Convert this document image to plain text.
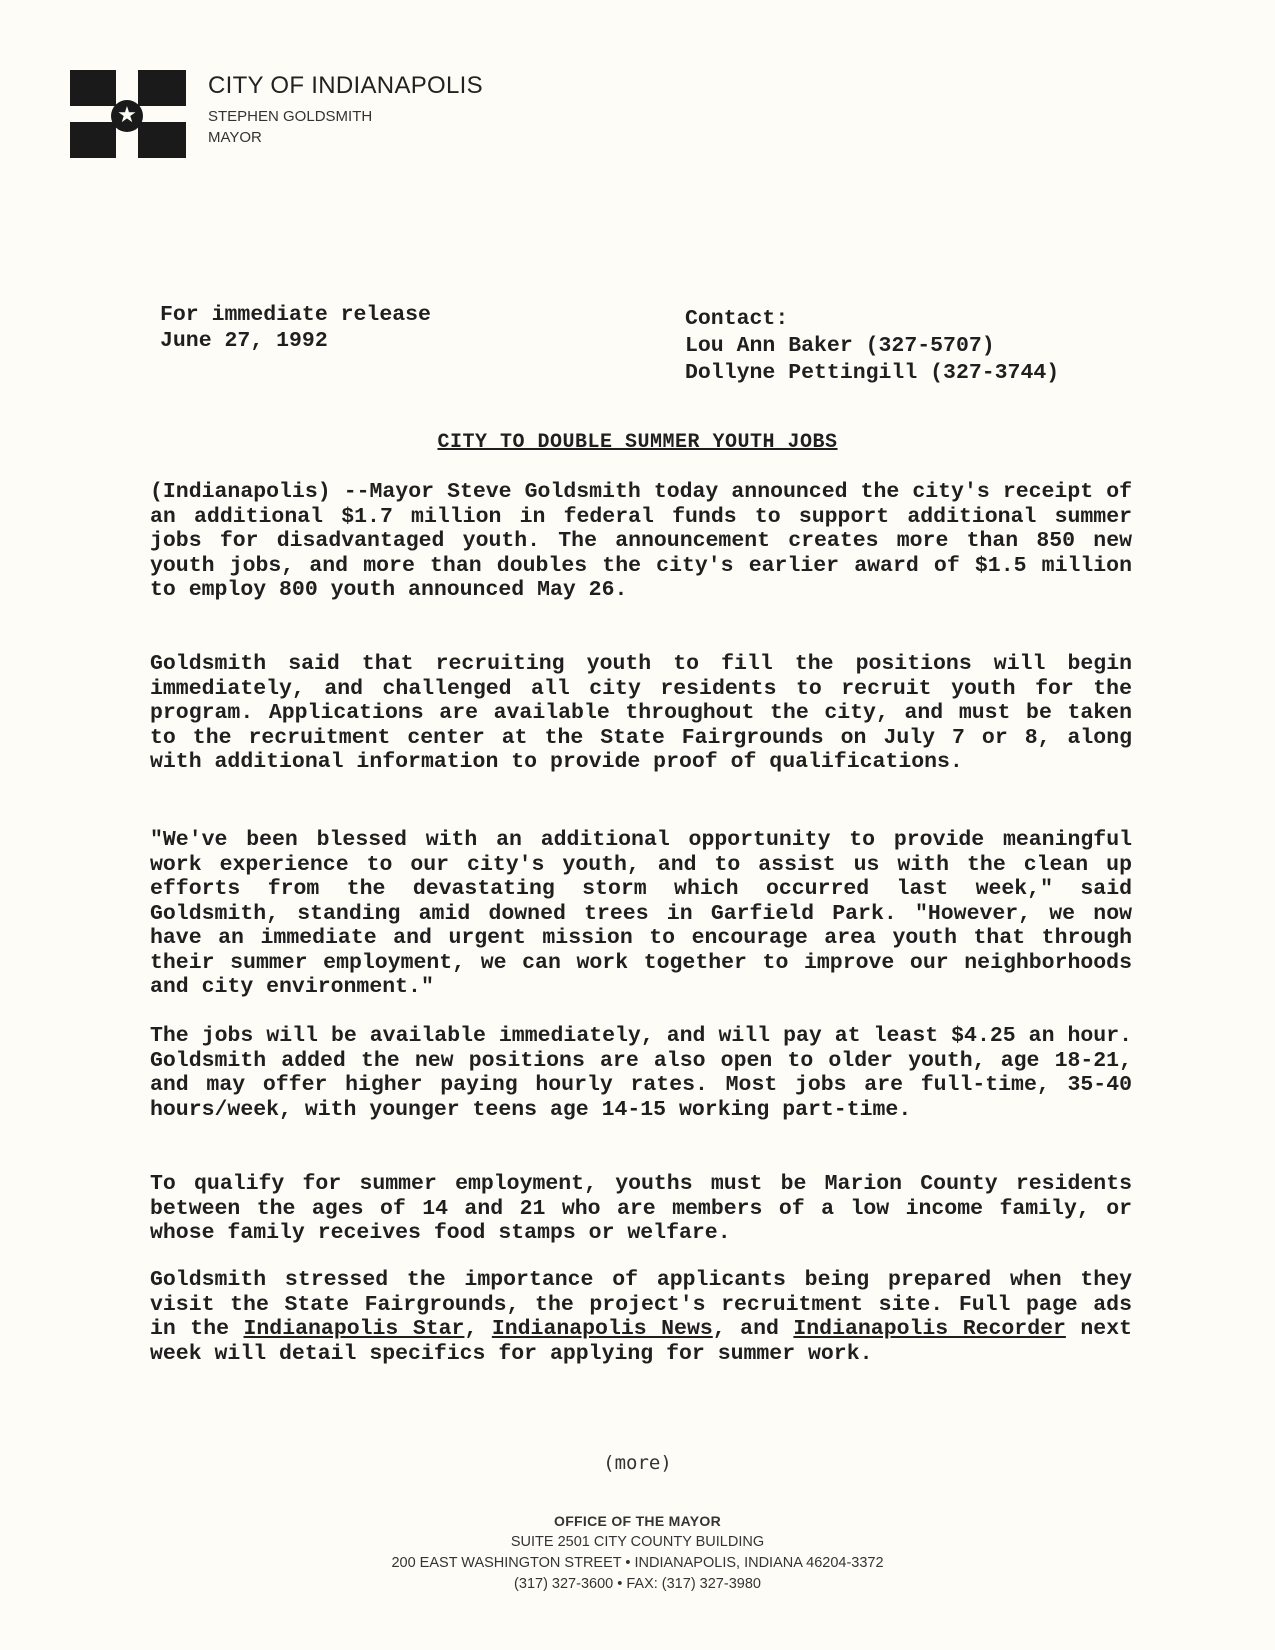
★
CITY OF INDIANAPOLIS
STEPHEN GOLDSMITH
MAYOR
For immediate release
June 27, 1992
Contact:
Lou Ann Baker (327-5707)
Dollyne Pettingill (327-3744)
CITY TO DOUBLE SUMMER YOUTH JOBS
(Indianapolis) --Mayor Steve Goldsmith today announced the city's receipt of an additional $1.7 million in federal funds to support additional summer jobs for disadvantaged youth. The announcement creates more than 850 new youth jobs, and more than doubles the city's earlier award of $1.5 million to employ 800 youth announced May 26.
Goldsmith said that recruiting youth to fill the positions will begin immediately, and challenged all city residents to recruit youth for the program. Applications are available throughout the city, and must be taken to the recruitment center at the State Fairgrounds on July 7 or 8, along with additional information to provide proof of qualifications.
"We've been blessed with an additional opportunity to provide meaningful work experience to our city's youth, and to assist us with the clean up efforts from the devastating storm which occurred last week," said Goldsmith, standing amid downed trees in Garfield Park. "However, we now have an immediate and urgent mission to encourage area youth that through their summer employment, we can work together to improve our neighborhoods and city environment."
The jobs will be available immediately, and will pay at least $4.25 an hour. Goldsmith added the new positions are also open to older youth, age 18-21, and may offer higher paying hourly rates. Most jobs are full-time, 35-40 hours/week, with younger teens age 14-15 working part-time.
To qualify for summer employment, youths must be Marion County residents between the ages of 14 and 21 who are members of a low income family, or whose family receives food stamps or welfare.
Goldsmith stressed the importance of applicants being prepared when they visit the State Fairgrounds, the project's recruitment site. Full page ads in the Indianapolis Star, Indianapolis News, and Indianapolis Recorder next week will detail specifics for applying for summer work.
(more)
OFFICE OF THE MAYOR
SUITE 2501 CITY COUNTY BUILDING
200 EAST WASHINGTON STREET • INDIANAPOLIS, INDIANA 46204-3372
(317) 327-3600 • FAX: (317) 327-3980
